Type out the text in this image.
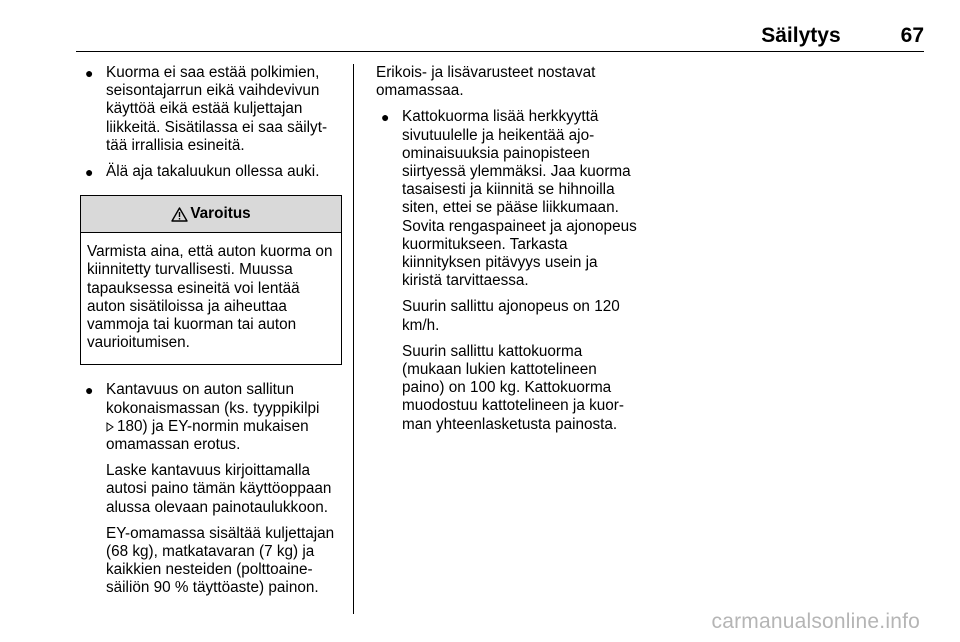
Säilytys	67
● Kuorma ei saa estää polkimien, seisontajarrun eikä vaihdevivun käyttöä eikä estää kuljettajan liikkeitä. Sisätilassa ei saa säilyttää irrallisia esineitä.
● Älä aja takaluukun ollessa auki.
Varoitus
Varmista aina, että auton kuorma on kiinnitetty turvallisesti. Muussa tapauksessa esineitä voi lentää auton sisätiloissa ja aiheuttaa vammoja tai kuorman tai auton vaurioitumisen.
● Kantavuus on auton sallitun kokonaismassan (ks. tyyppikilpi
180) ja EY-normin mukaisen omamassan erotus.
Laske kantavuus kirjoittamalla autosi paino tämän käyttöoppaan alussa olevaan painotaulukkoon.
EY-omamassa sisältää kuljettajan (68 kg), matkatavaran (7 kg) ja kaikkien nesteiden (polttoainesäiliön 90 % täyttöaste) painon.
Erikois- ja lisävarusteet nostavat omamassaa.
● Kattokuorma lisää herkkyyttä sivutuulelle ja heikentää ajo-ominaisuuksia painopisteen siirtyessä ylemmäksi. Jaa kuorma tasaisesti ja kiinnitä se hihnoilla siten, ettei se pääse liikkumaan. Sovita rengaspaineet ja ajonopeus kuormitukseen. Tarkasta kiinnityksen pitävyys usein ja kiristä tarvittaessa.
Suurin sallittu ajonopeus on 120 km/h.
Suurin sallittu kattokuorma (mukaan lukien kattotelineen paino) on 100 kg. Kattokuorma muodostuu kattotelineen ja kuorman yhteenlasketusta painosta.
carmanualsonline.info
